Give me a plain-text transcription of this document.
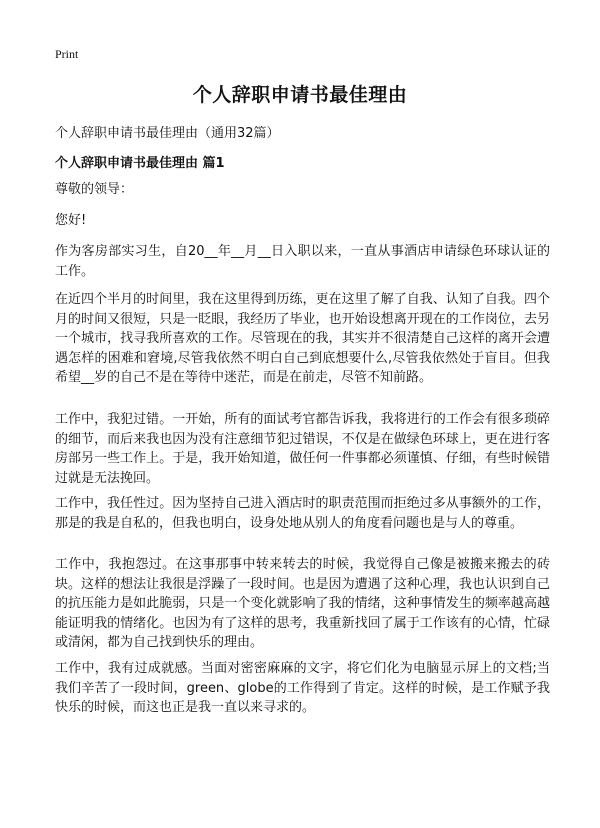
Print
个人辞职申请书最佳理由

个人辞职申请书最佳理由（通用32篇）

个人辞职申请书最佳理由 篇1

尊敬的领导：

您好!

作为客房部实习生，自20__年__月__日入职以来，一直从事酒店申请绿色环球认证的工作。

在近四个半月的时间里，我在这里得到历练，更在这里了解了自我、认知了自我。四个月的时间又很短，只是一眨眼，我经历了毕业，也开始设想离开现在的工作岗位，去另一个城市，找寻我所喜欢的工作。尽管现在的我，其实并不很清楚自己这样的离开会遭遇怎样的困难和窘境,尽管我依然不明白自己到底想要什么,尽管我依然处于盲目。但我希望__岁的自己不是在等待中迷茫，而是在前走，尽管不知前路。

工作中，我犯过错。一开始，所有的面试考官都告诉我，我将进行的工作会有很多琐碎的细节，而后来我也因为没有注意细节犯过错误，不仅是在做绿色环球上，更在进行客房部另一些工作上。于是，我开始知道，做任何一件事都必须谨慎、仔细，有些时候错过就是无法挽回。

工作中，我任性过。因为坚持自己进入酒店时的职责范围而拒绝过多从事额外的工作，那是的我是自私的，但我也明白，设身处地从别人的角度看问题也是与人的尊重。

工作中，我抱怨过。在这事那事中转来转去的时候，我觉得自己像是被搬来搬去的砖块。这样的想法让我很是浮躁了一段时间。也是因为遭遇了这种心理，我也认识到自己的抗压能力是如此脆弱，只是一个变化就影响了我的情绪，这种事情发生的频率越高越能证明我的情绪化。也因为有了这样的思考，我重新找回了属于工作该有的心情，忙碌或清闲，都为自己找到快乐的理由。

工作中，我有过成就感。当面对密密麻麻的文字，将它们化为电脑显示屏上的文档;当我们辛苦了一段时间，green、globe的工作得到了肯定。这样的时候，是工作赋予我快乐的时候，而这也正是我一直以来寻求的。
